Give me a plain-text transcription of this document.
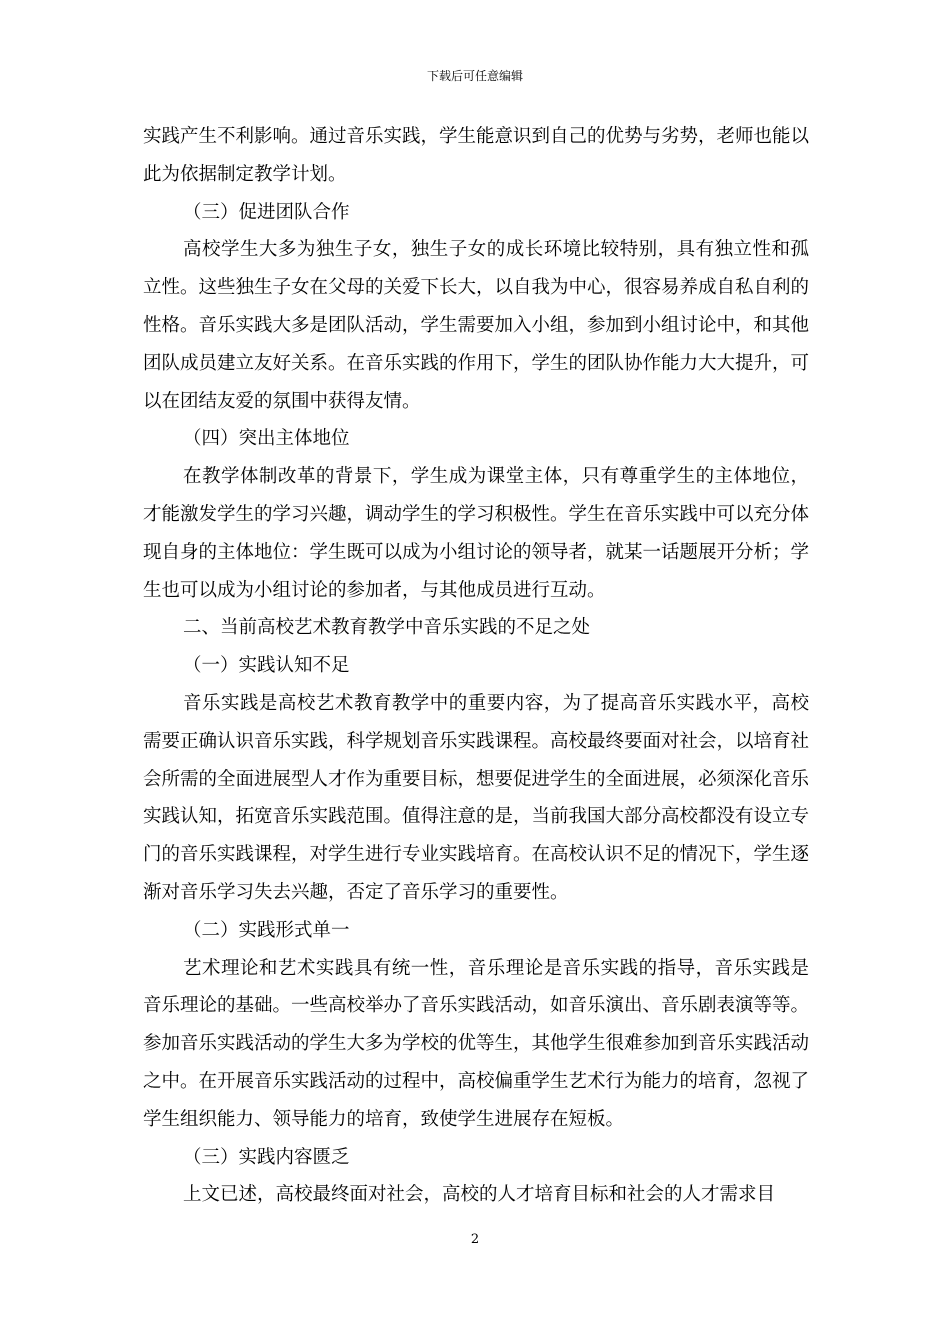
下载后可任意编辑

实践产生不利影响。通过音乐实践，学生能意识到自己的优势与劣势，老师也能以此为依据制定教学计划。

（三）促进团队合作

高校学生大多为独生子女，独生子女的成长环境比较特别，具有独立性和孤立性。这些独生子女在父母的关爱下长大，以自我为中心，很容易养成自私自利的性格。音乐实践大多是团队活动，学生需要加入小组，参加到小组讨论中，和其他团队成员建立友好关系。在音乐实践的作用下，学生的团队协作能力大大提升，可以在团结友爱的氛围中获得友情。

（四）突出主体地位

在教学体制改革的背景下，学生成为课堂主体，只有尊重学生的主体地位，才能激发学生的学习兴趣，调动学生的学习积极性。学生在音乐实践中可以充分体现自身的主体地位：学生既可以成为小组讨论的领导者，就某一话题展开分析；学生也可以成为小组讨论的参加者，与其他成员进行互动。

二、当前高校艺术教育教学中音乐实践的不足之处

（一）实践认知不足

音乐实践是高校艺术教育教学中的重要内容，为了提高音乐实践水平，高校需要正确认识音乐实践，科学规划音乐实践课程。高校最终要面对社会，以培育社会所需的全面进展型人才作为重要目标，想要促进学生的全面进展，必须深化音乐实践认知，拓宽音乐实践范围。值得注意的是，当前我国大部分高校都没有设立专门的音乐实践课程，对学生进行专业实践培育。在高校认识不足的情况下，学生逐渐对音乐学习失去兴趣，否定了音乐学习的重要性。

（二）实践形式单一

艺术理论和艺术实践具有统一性，音乐理论是音乐实践的指导，音乐实践是音乐理论的基础。一些高校举办了音乐实践活动，如音乐演出、音乐剧表演等等。参加音乐实践活动的学生大多为学校的优等生，其他学生很难参加到音乐实践活动之中。在开展音乐实践活动的过程中，高校偏重学生艺术行为能力的培育，忽视了学生组织能力、领导能力的培育，致使学生进展存在短板。

（三）实践内容匮乏

上文已述，高校最终面对社会，高校的人才培育目标和社会的人才需求目

2
